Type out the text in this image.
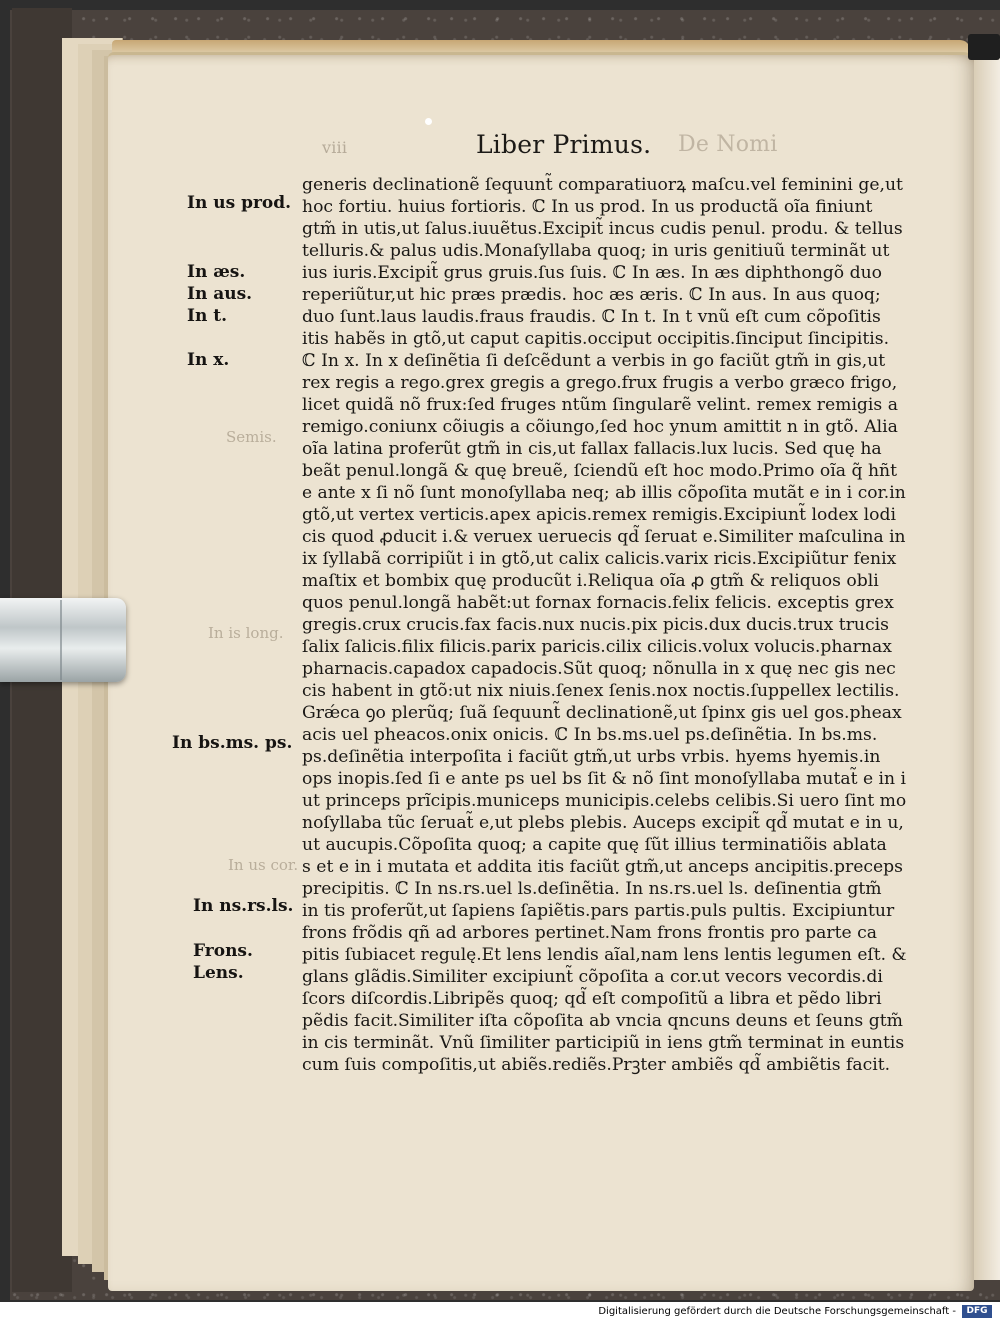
viii	Liber Primus. De Nomi
In us prod.
In æs.
In aus.
In t.
In x.
In bs.ms. ps.
In ns.rs.ls.
Frons.
Lens.
Semis.
In is long.
In us cor.
generis declinationẽ ſequunt̃ comparatiuorꝝ maſcu.vel feminini ge,ut
hoc fortiu. huius fortioris. ℂ In us prod. In us productã oĩa finiunt
gtm̃ in utis,ut ſalus.iuuẽtus.Excipit̃ incus cudis penul. produ. & tellus
telluris.& palus udis.Monaſyllaba quoq; in uris genitiuũ terminãt ut
ius iuris.Excipit̃ grus gruis.ſus ſuis. ℂ In æs. In æs diphthongõ duo
reperiũtur,ut hic præs prædis. hoc æs æris. ℂ In aus. In aus quoq;
duo ſunt.laus laudis.fraus fraudis. ℂ In t. In t vnũ eſt cum cõpoſitis
itis habẽs in gtõ,ut caput capitis.occiput occipitis.ſinciput ſincipitis.
ℂ In x. In x deſinẽtia ſi deſcẽdunt a verbis in go faciũt gtm̃ in gis,ut
rex regis a rego.grex gregis a grego.frux frugis a verbo græco frigo,
licet quidã nõ frux:ſed fruges ntũm ſingularẽ velint. remex remigis a
remigo.coniunx cõiugis a cõiungo,ſed hoc ynum amittit n in gtõ. Alia
oĩa latina proferũt gtm̃ in cis,ut fallax fallacis.lux lucis. Sed quę ha
beãt penul.longã & quę breuẽ, ſciendũ eſt hoc modo.Primo oĩa q̃ hñt
e ante x ſi nõ ſunt monoſyllaba neq; ab illis cõpoſita mutãt e in i cor.in
gtõ,ut vertex verticis.apex apicis.remex remigis.Excipiunt̃ lodex lodi
cis quod ꝓducit i.& veruex ueruecis qd̃ ſeruat e.Similiter maſculina in
ix ſyllabã corripiũt i in gtõ,ut calix calicis.varix ricis.Excipiũtur fenix
maſtix et bombix quę producũt i.Reliqua oĩa ꝓ gtm̃ & reliquos obli
quos penul.longã habẽt:ut fornax fornacis.felix felicis. exceptis grex
gregis.crux crucis.fax facis.nux nucis.pix picis.dux ducis.trux trucis
ſalix ſalicis.filix filicis.parix paricis.cilix cilicis.volux volucis.pharnax
pharnacis.capadox capadocis.Sũt quoq; nõnulla in x quę nec gis nec
cis habent in gtõ:ut nix niuis.ſenex ſenis.nox noctis.ſuppellex lectilis.
Grǽca ꝯo plerũq; ſuã ſequunt̃ declinationẽ,ut ſpinx gis uel gos.pheax
acis uel pheacos.onix onicis. ℂ In bs.ms.uel ps.deſinẽtia. In bs.ms.
ps.deſinẽtia interpoſita i faciũt gtm̃,ut urbs vrbis. hyems hyemis.in
ops inopis.ſed ſi e ante ps uel bs ſit & nõ ſint monoſyllaba mutat̃ e in i
ut princeps prĩcipis.municeps municipis.celebs celibis.Si uero ſint mo
noſyllaba tũc ſeruat̃ e,ut plebs plebis. Auceps excipit̃ qd̃ mutat e in u,
ut aucupis.Cõpoſita quoq; a capite quę ſũt illius terminatiõis ablata
s et e in i mutata et addita itis faciũt gtm̃,ut anceps ancipitis.preceps
precipitis. ℂ In ns.rs.uel ls.deſinẽtia. In ns.rs.uel ls. deſinentia gtm̃
in tis proferũt,ut ſapiens ſapiẽtis.pars partis.puls pultis. Excipiuntur
frons frõdis qñ ad arbores pertinet.Nam frons frontis pro parte ca
pitis ſubiacet regulę.Et lens lendis aĩal,nam lens lentis legumen eſt. &
glans glãdis.Similiter excipiunt̃ cõpoſita a cor.ut vecors vecordis.di
ſcors diſcordis.Libripẽs quoq; qd̃ eſt compoſitũ a libra et pẽdo libri
pẽdis facit.Similiter iſta cõpoſita ab vncia qncuns deuns et ſeuns gtm̃
in cis terminãt. Vnũ ſimiliter participiũ in iens gtm̃ terminat in euntis
cum ſuis compoſitis,ut abiẽs.rediẽs.Prꝫter ambiẽs qd̃ ambiẽtis facit.
Digitalisierung gefördert durch die Deutsche Forschungsgemeinschaft -	DFG
